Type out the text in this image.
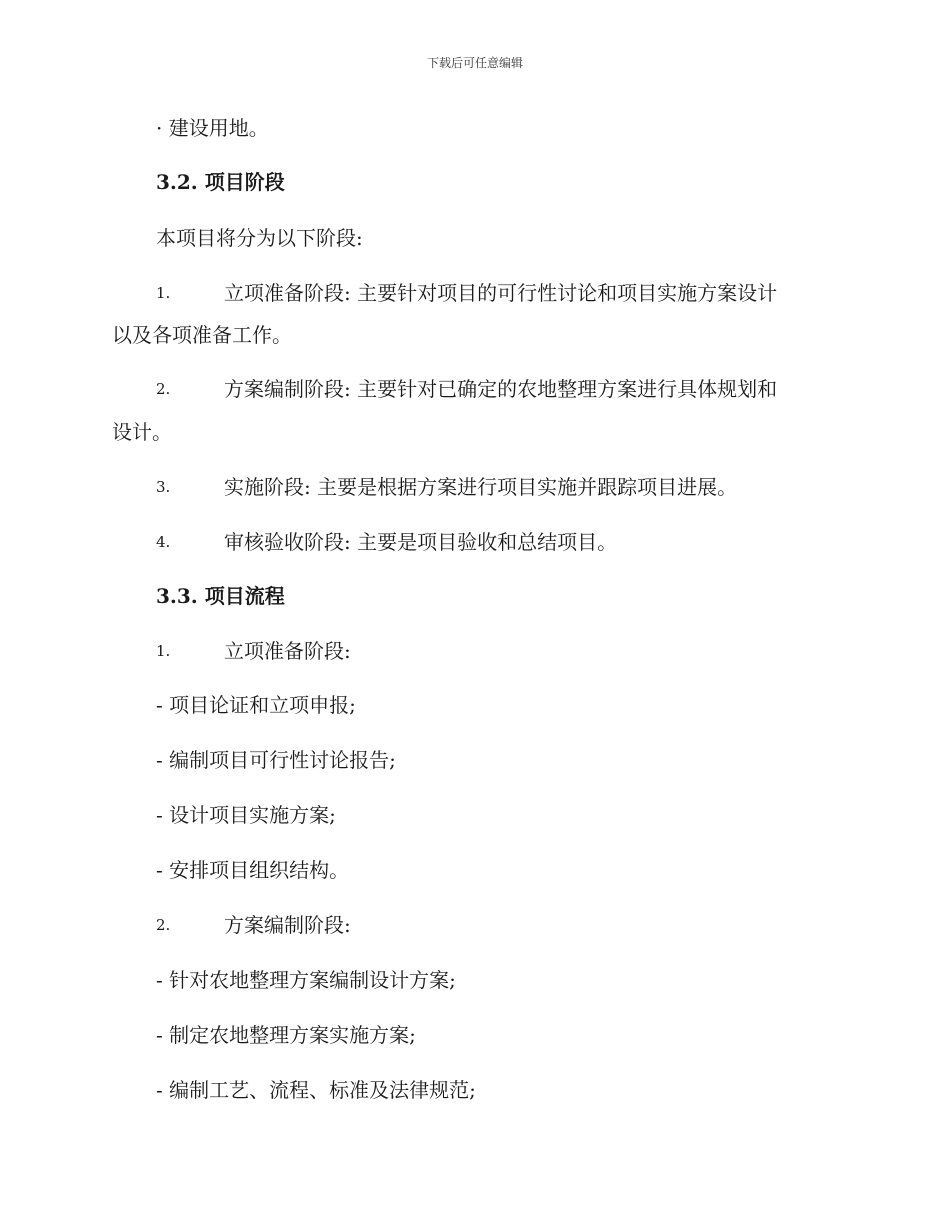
下载后可任意编辑
· 建设用地。
3.2. 项目阶段
本项目将分为以下阶段:
1.	立项准备阶段: 主要针对项目的可行性讨论和项目实施方案设计
以及各项准备工作。
2.	方案编制阶段: 主要针对已确定的农地整理方案进行具体规划和
设计。
3.	实施阶段: 主要是根据方案进行项目实施并跟踪项目进展。
4.	审核验收阶段: 主要是项目验收和总结项目。
3.3. 项目流程
1.	立项准备阶段:
- 项目论证和立项申报;
- 编制项目可行性讨论报告;
- 设计项目实施方案;
- 安排项目组织结构。
2.	方案编制阶段:
- 针对农地整理方案编制设计方案;
- 制定农地整理方案实施方案;
- 编制工艺、流程、标准及法律规范;
